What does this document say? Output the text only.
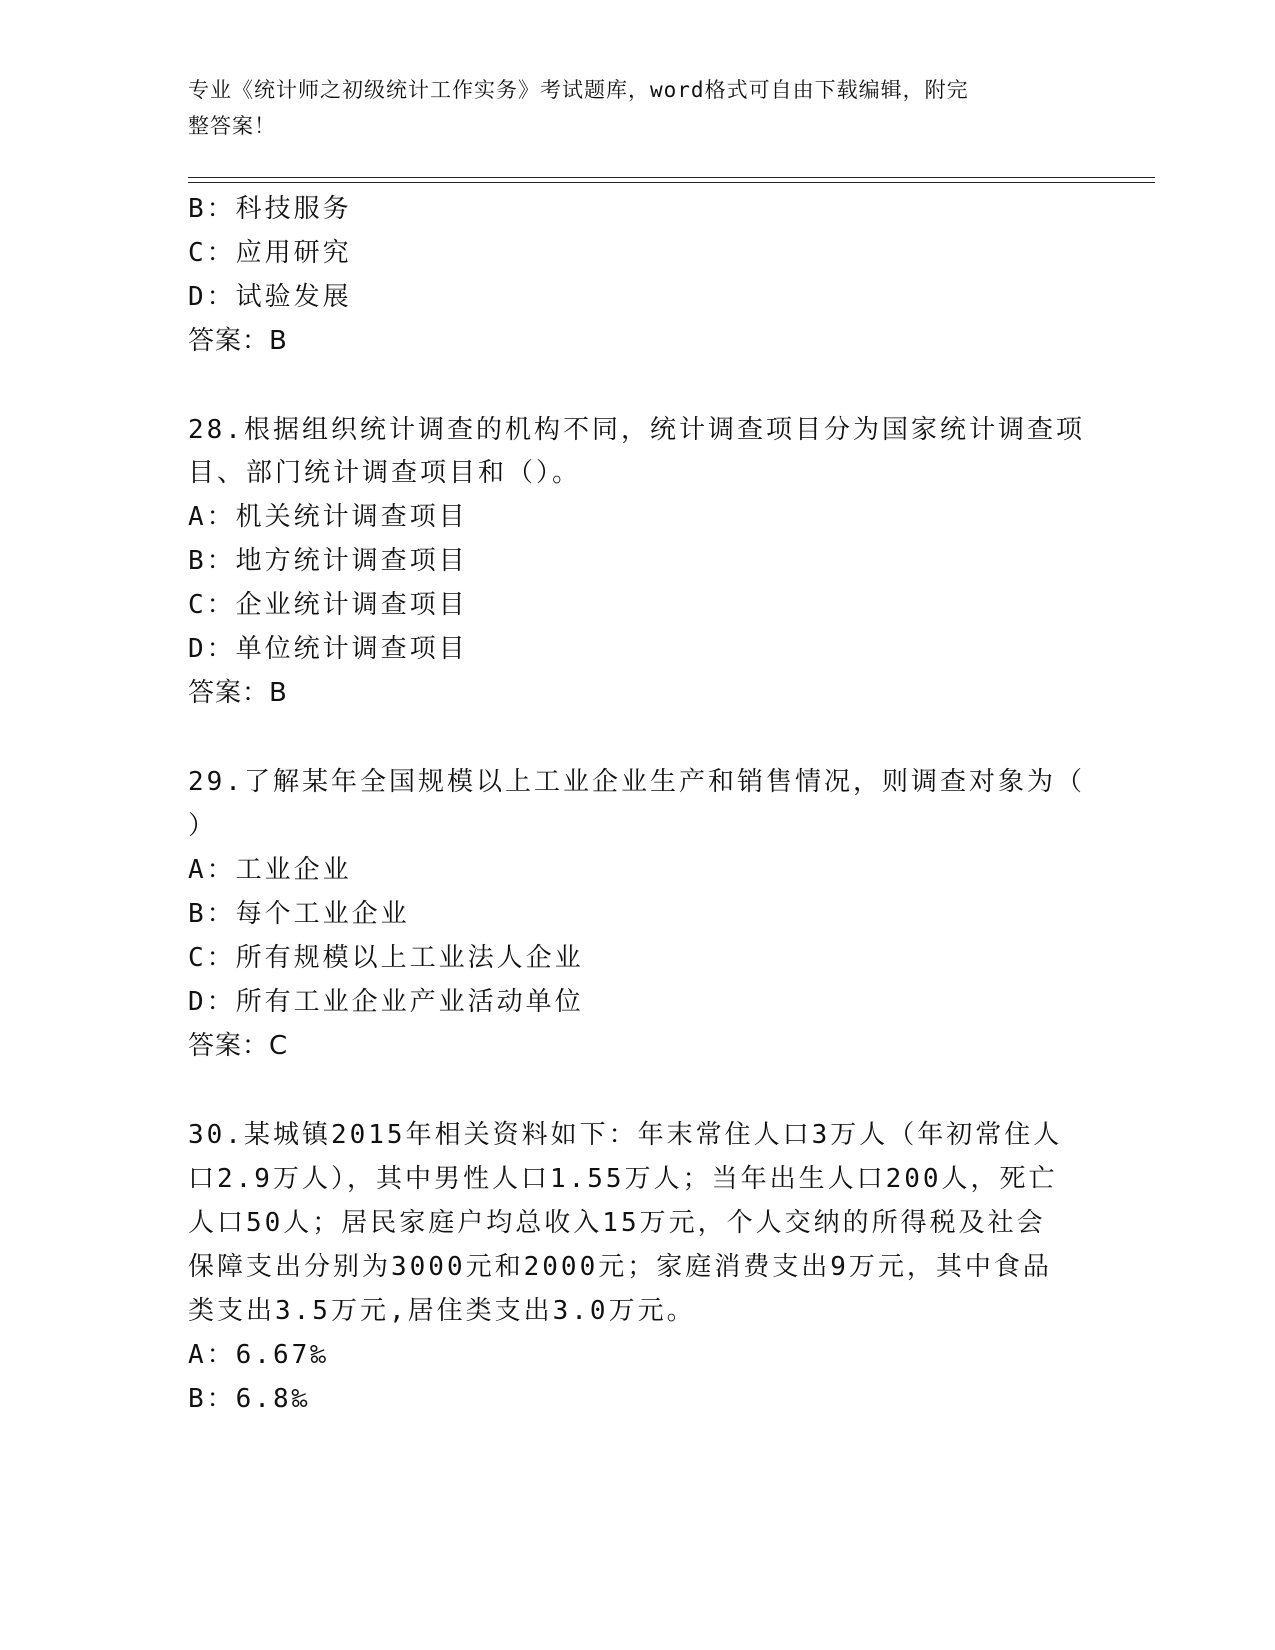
专业《统计师之初级统计工作实务》考试题库，word格式可自由下载编辑，附完
整答案！
B：科技服务
C：应用研究
D：试验发展
答案：B
28.根据组织统计调查的机构不同，统计调查项目分为国家统计调查项
目、部门统计调查项目和（）。
A：机关统计调查项目
B：地方统计调查项目
C：企业统计调查项目
D：单位统计调查项目
答案：B
29.了解某年全国规模以上工业企业生产和销售情况，则调查对象为（
）
A：工业企业
B：每个工业企业
C：所有规模以上工业法人企业
D：所有工业企业产业活动单位
答案：C
30.某城镇2015年相关资料如下：年末常住人口3万人（年初常住人
口2.9万人），其中男性人口1.55万人；当年出生人口200人，死亡
人口50人；居民家庭户均总收入15万元，个人交纳的所得税及社会
保障支出分别为3000元和2000元；家庭消费支出9万元，其中食品
类支出3.5万元,居住类支出3.0万元。
A：6.67‰
B：6.8‰
